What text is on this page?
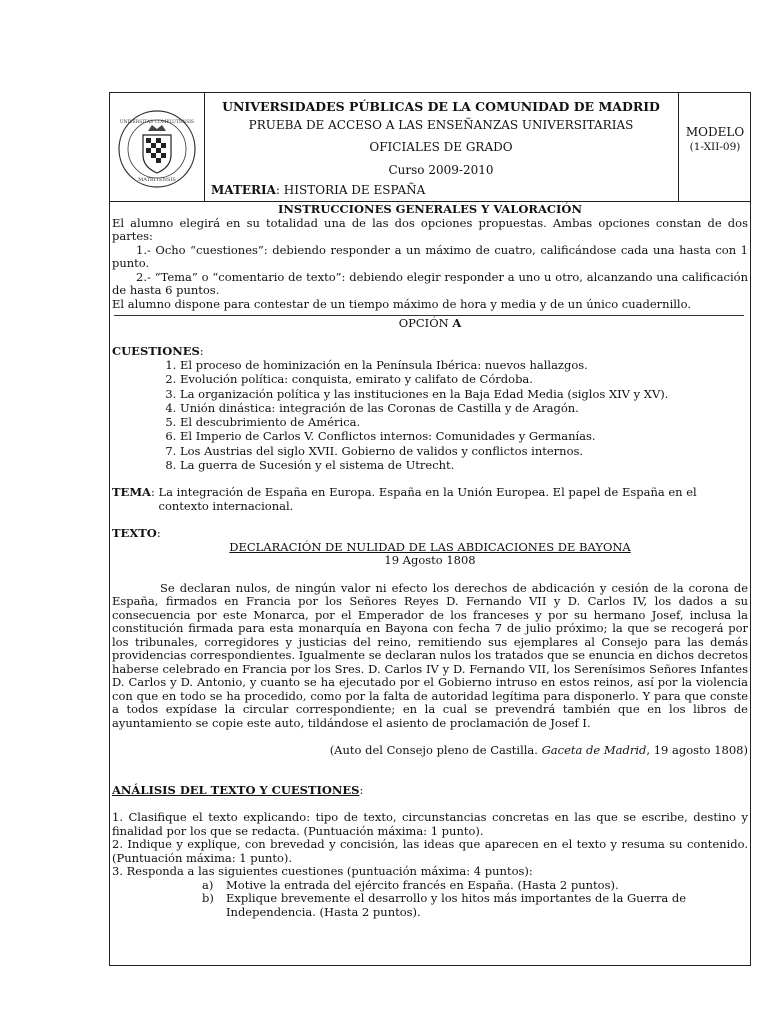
MATRITENSIS
UNIVERSITAS COMPLUTENSIS
UNIVERSIDADES PÚBLICAS DE LA COMUNIDAD DE MADRID
PRUEBA DE ACCESO A LAS ENSEÑANZAS UNIVERSITARIAS
OFICIALES DE GRADO
Curso 2009-2010
MATERIA: HISTORIA DE ESPAÑA
MODELO
(1-XII-09)

INSTRUCCIONES GENERALES Y VALORACIÓN

El alumno elegirá en su totalidad una de las dos opciones propuestas. Ambas opciones constan de dos partes:

1.- Ocho “cuestiones”: debiendo responder a un máximo de cuatro, calificándose cada una hasta con 1 punto.

2.- “Tema” o “comentario de texto”: debiendo elegir responder a uno u otro, alcanzando una calificación de hasta 6 puntos.

El alumno dispone para contestar de un tiempo máximo de hora y media y de un único cuadernillo.

OPCIÓN A

CUESTIONES:

1. El proceso de hominización en la Península Ibérica: nuevos hallazgos.
2. Evolución política: conquista, emirato y califato de Córdoba.
3. La organización política y las instituciones en la Baja Edad Media (siglos XIV y XV).
4. Unión dinástica: integración de las Coronas de Castilla y de Aragón.
5. El descubrimiento de América.
6. El Imperio de Carlos V. Conflictos internos: Comunidades y Germanías.
7. Los Austrias del siglo XVII. Gobierno de validos y conflictos internos.
8. La guerra de Sucesión y el sistema de Utrecht.
TEMA: La integración de España en Europa. España en la Unión Europea. El papel de España en el contexto internacional.

TEXTO:

DECLARACIÓN DE NULIDAD DE LAS ABDICACIONES DE BAYONA

19 Agosto 1808

Se declaran nulos, de ningún valor ni efecto los derechos de abdicación y cesión de la corona de España, firmados en Francia por los Señores Reyes D. Fernando VII y D. Carlos IV, los dados a su consecuencia por este Monarca, por el Emperador de los franceses y por su hermano Josef, inclusa la constitución firmada para esta monarquía en Bayona con fecha 7 de julio próximo; la que se recogerá por los tribunales, corregidores y justicias del reino, remitiendo sus ejemplares al Consejo para las demás providencias correspondientes. Igualmente se declaran nulos los tratados que se enuncia en dichos decretos haberse celebrado en Francia por los Sres. D. Carlos IV y D. Fernando VII, los Serenísimos Señores Infantes D. Carlos y D. Antonio, y cuanto se ha ejecutado por el Gobierno intruso en estos reinos, así por la violencia con que en todo se ha procedido, como por la falta de autoridad legítima para disponerlo. Y para que conste a todos expídase la circular correspondiente; en la cual se prevendrá también que en los libros de ayuntamiento se copie este auto, tildándose el asiento de proclamación de Josef I.

(Auto del Consejo pleno de Castilla. Gaceta de Madrid, 19 agosto 1808)

ANÁLISIS DEL TEXTO Y CUESTIONES:

1. Clasifique el texto explicando: tipo de texto, circunstancias concretas en las que se escribe, destino y finalidad por los que se redacta. (Puntuación máxima: 1 punto).

2. Indique y explique, con brevedad y concisión, las ideas que aparecen en el texto y resuma su contenido. (Puntuación máxima: 1 punto).

3. Responda a las siguientes cuestiones (puntuación máxima: 4 puntos):

a) Motive la entrada del ejército francés en España. (Hasta 2 puntos).
b)	Explique brevemente el desarrollo y los hitos más importantes de la Guerra de Independencia. (Hasta 2 puntos).
